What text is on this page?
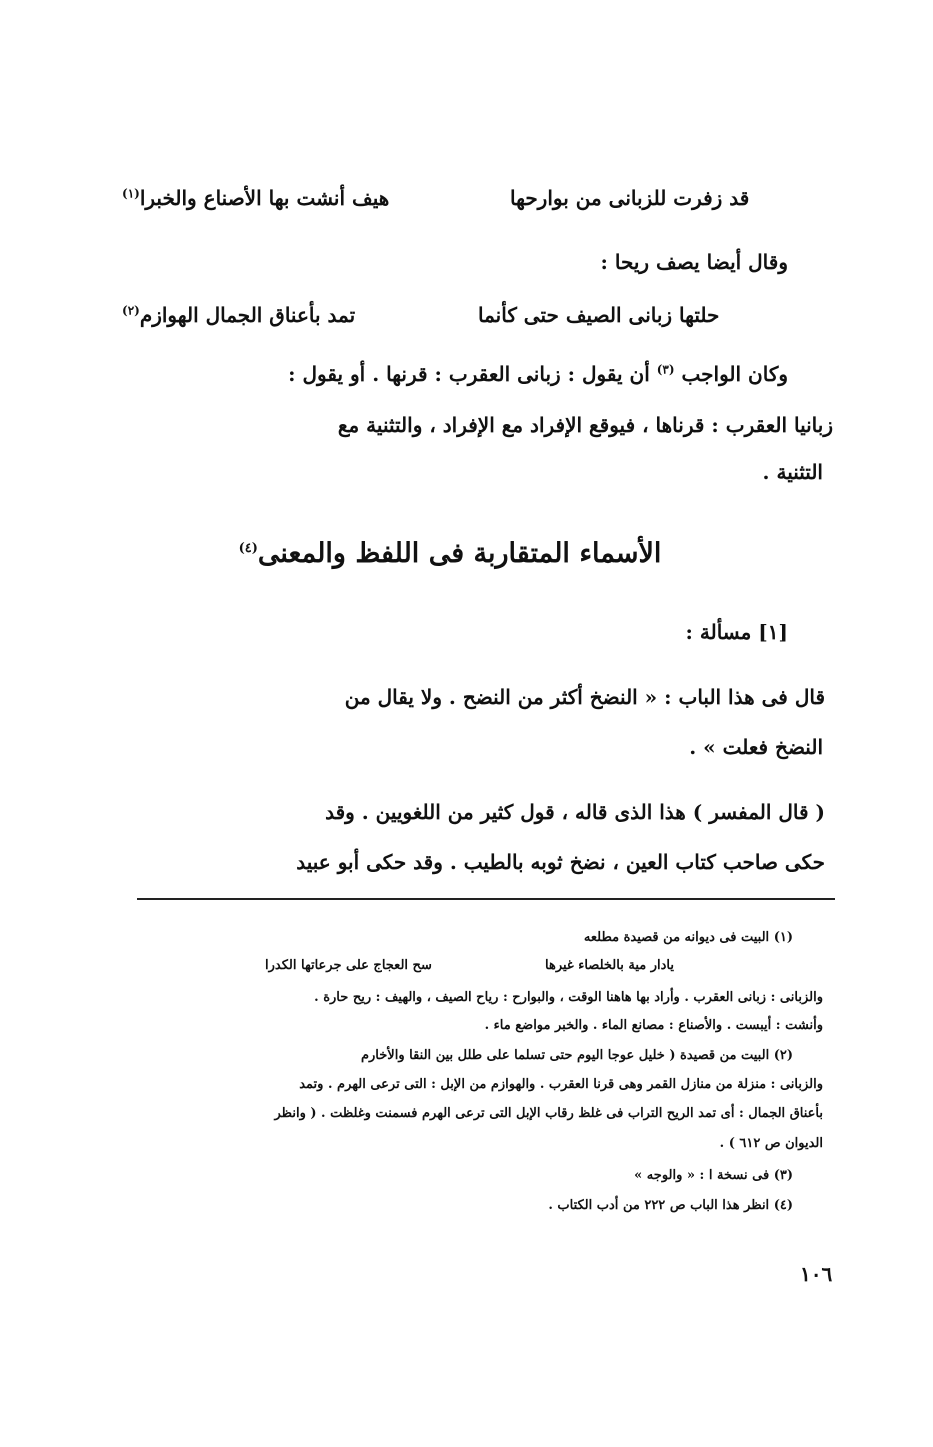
قد زفرت للزبانى من بوارحها
هيف أنشت بها الأصناع والخبرا$^{(١)}$
وقال أيضا يصف ريحا :
حلتها زبانى الصيف حتى كأنما
تمد بأعناق الجمال الهوازم$^{(٢)}$
وكان الواجب $^{(٣)}$ أن يقول : زبانى العقرب : قرنها . أو يقول :
زبانيا العقرب : قرناها ، فيوقع الإفراد مع الإفراد ، والتثنية مع
التثنية .
الأسماء المتقاربة فى اللفظ والمعنى$^{(٤)}$
[١] مسألة :
قال فى هذا الباب : « النضخ أكثر من النضح . ولا يقال من
النضخ فعلت » .
( قال المفسر ) هذا الذى قاله ، قول كثير من اللغويين . وقد
حكى صاحب كتاب العين ، نضخ ثوبه بالطيب . وقد حكى أبو عبيد
(١) البيت فى ديوانه من قصيدة مطلعه
يادار مية بالخلصاء غيرها
سح العجاج على جرعاتها الكدرا
والزبانى : زبانى العقرب . وأراد بها هاهنا الوقت ، والبوارح : رياح الصيف ، والهيف : ريح حارة .
وأنشت : أيبست . والأصناع : مصانع الماء . والخبر مواضع ماء .
(٢) البيت من قصيدة ( خليل عوجا اليوم حتى تسلما على طلل بين النقا والأخارم
والزبانى : منزلة من منازل القمر وهى قرنا العقرب . والهوازم من الإبل : التى ترعى الهرم . وتمد
بأعناق الجمال : أى تمد الريح التراب فى غلظ رقاب الإبل التى ترعى الهرم فسمنت وغلظت . ( وانظر
الديوان ص ٦١٢ ) .
(٣) فى نسخة ا : « والوجه »
(٤) انظر هذا الباب ص ٢٢٢ من أدب الكتاب .
١٠٦
